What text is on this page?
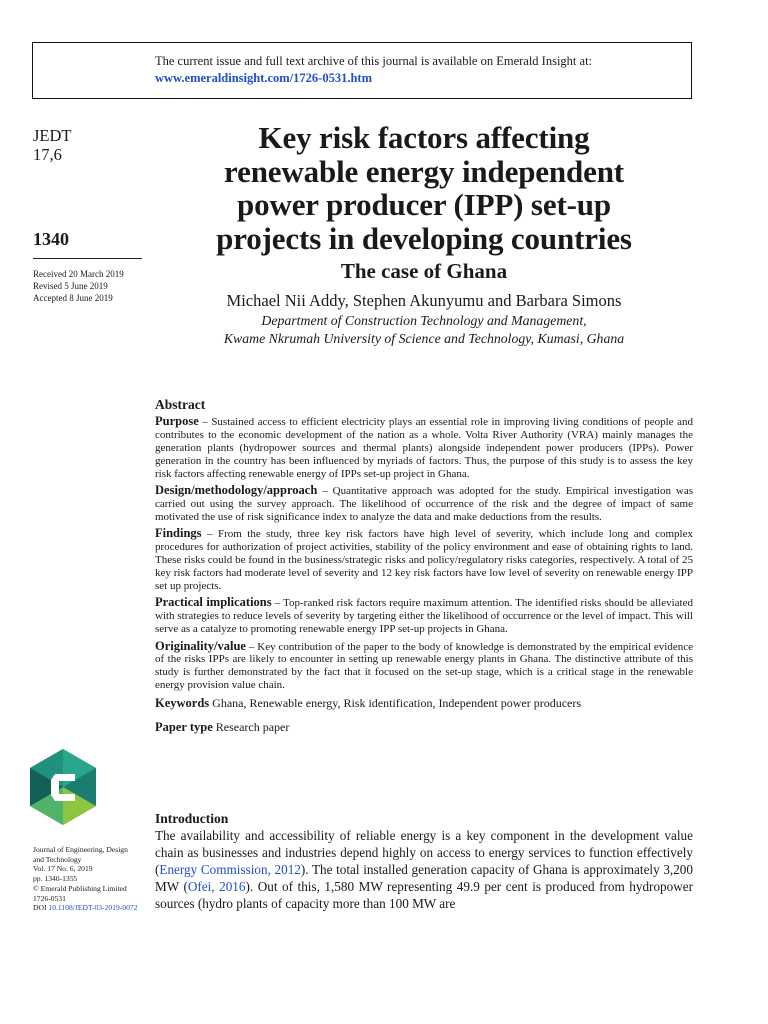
The current issue and full text archive of this journal is available on Emerald Insight at:
www.emeraldinsight.com/1726-0531.htm
JEDT
17,6
1340
Received 20 March 2019
Revised 5 June 2019
Accepted 8 June 2019
Journal of Engineering, Design
and Technology
Vol. 17 No. 6, 2019
pp. 1340-1355
© Emerald Publishing Limited
1726-0531
DOI 10.1108/JEDT-03-2019-0072
Key risk factors affecting
renewable energy independent
power producer (IPP) set-up
projects in developing countries
The case of Ghana
Michael Nii Addy, Stephen Akunyumu and Barbara Simons
Department of Construction Technology and Management,
Kwame Nkrumah University of Science and Technology, Kumasi, Ghana
Abstract

Purpose – Sustained access to efficient electricity plays an essential role in improving living conditions of people and contributes to the economic development of the nation as a whole. Volta River Authority (VRA) mainly manages the generation plants (hydropower sources and thermal plants) alongside independent power producers (IPPs). Power generation in the country has been influenced by myriads of factors. Thus, the purpose of this study is to assess the key risk factors affecting renewable energy of IPPs set-up project in Ghana.

Design/methodology/approach – Quantitative approach was adopted for the study. Empirical investigation was carried out using the survey approach. The likelihood of occurrence of the risk and the degree of impact of same motivated the use of risk significance index to analyze the data and make deductions from the results.

Findings – From the study, three key risk factors have high level of severity, which include long and complex procedures for authorization of project activities, stability of the policy environment and ease of obtaining rights to land. These risks could be found in the business/strategic risks and policy/regulatory risks categories, respectively. A total of 25 key risk factors had moderate level of severity and 12 key risk factors have low level of severity on renewable energy IPP set up projects.

Practical implications – Top-ranked risk factors require maximum attention. The identified risks should be alleviated with strategies to reduce levels of severity by targeting either the likelihood of occurrence or the level of impact. This will serve as a catalyze to promoting renewable energy IPP set-up projects in Ghana.

Originality/value – Key contribution of the paper to the body of knowledge is demonstrated by the empirical evidence of the risks IPPs are likely to encounter in setting up renewable energy plants in Ghana. The distinctive attribute of this study is further demonstrated by the fact that it focused on the set-up stage, which is a critical stage in the renewable energy provision value chain.

Keywords Ghana, Renewable energy, Risk identification, Independent power producers
Paper type Research paper
Introduction

The availability and accessibility of reliable energy is a key component in the development value chain as businesses and industries depend highly on access to energy services to function effectively (Energy Commission, 2012). The total installed generation capacity of Ghana is approximately 3,200 MW (Ofei, 2016). Out of this, 1,580 MW representing 49.9 per cent is produced from hydropower sources (hydro plants of capacity more than 100 MW are
